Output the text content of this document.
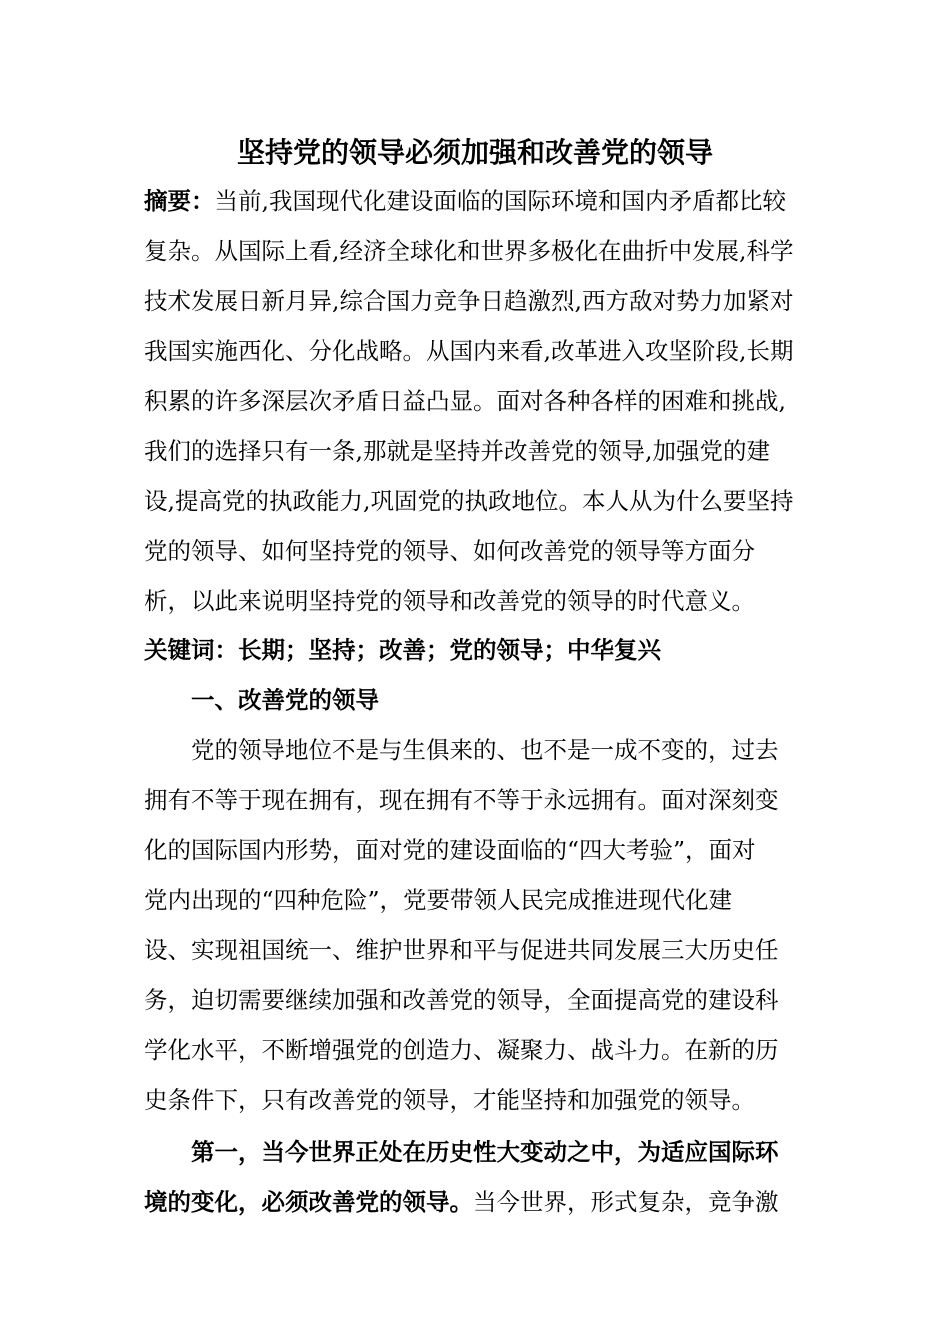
坚持党的领导必须加强和改善党的领导
摘要：当前,我国现代化建设面临的国际环境和国内矛盾都比较
复杂。从国际上看,经济全球化和世界多极化在曲折中发展,科学
技术发展日新月异,综合国力竞争日趋激烈,西方敌对势力加紧对
我国实施西化、分化战略。从国内来看,改革进入攻坚阶段,长期
积累的许多深层次矛盾日益凸显。面对各种各样的困难和挑战,
我们的选择只有一条,那就是坚持并改善党的领导,加强党的建
设,提高党的执政能力,巩固党的执政地位。本人从为什么要坚持
党的领导、如何坚持党的领导、如何改善党的领导等方面分
析，以此来说明坚持党的领导和改善党的领导的时代意义。
关键词：长期；坚持；改善；党的领导；中华复兴
一、改善党的领导
党的领导地位不是与生俱来的、也不是一成不变的，过去
拥有不等于现在拥有，现在拥有不等于永远拥有。面对深刻变
化的国际国内形势，面对党的建设面临的“四大考验”，面对
党内出现的“四种危险”，党要带领人民完成推进现代化建
设、实现祖国统一、维护世界和平与促进共同发展三大历史任
务，迫切需要继续加强和改善党的领导，全面提高党的建设科
学化水平，不断增强党的创造力、凝聚力、战斗力。在新的历
史条件下，只有改善党的领导，才能坚持和加强党的领导。
第一，当今世界正处在历史性大变动之中，为适应国际环
境的变化，必须改善党的领导。当今世界，形式复杂，竞争激
